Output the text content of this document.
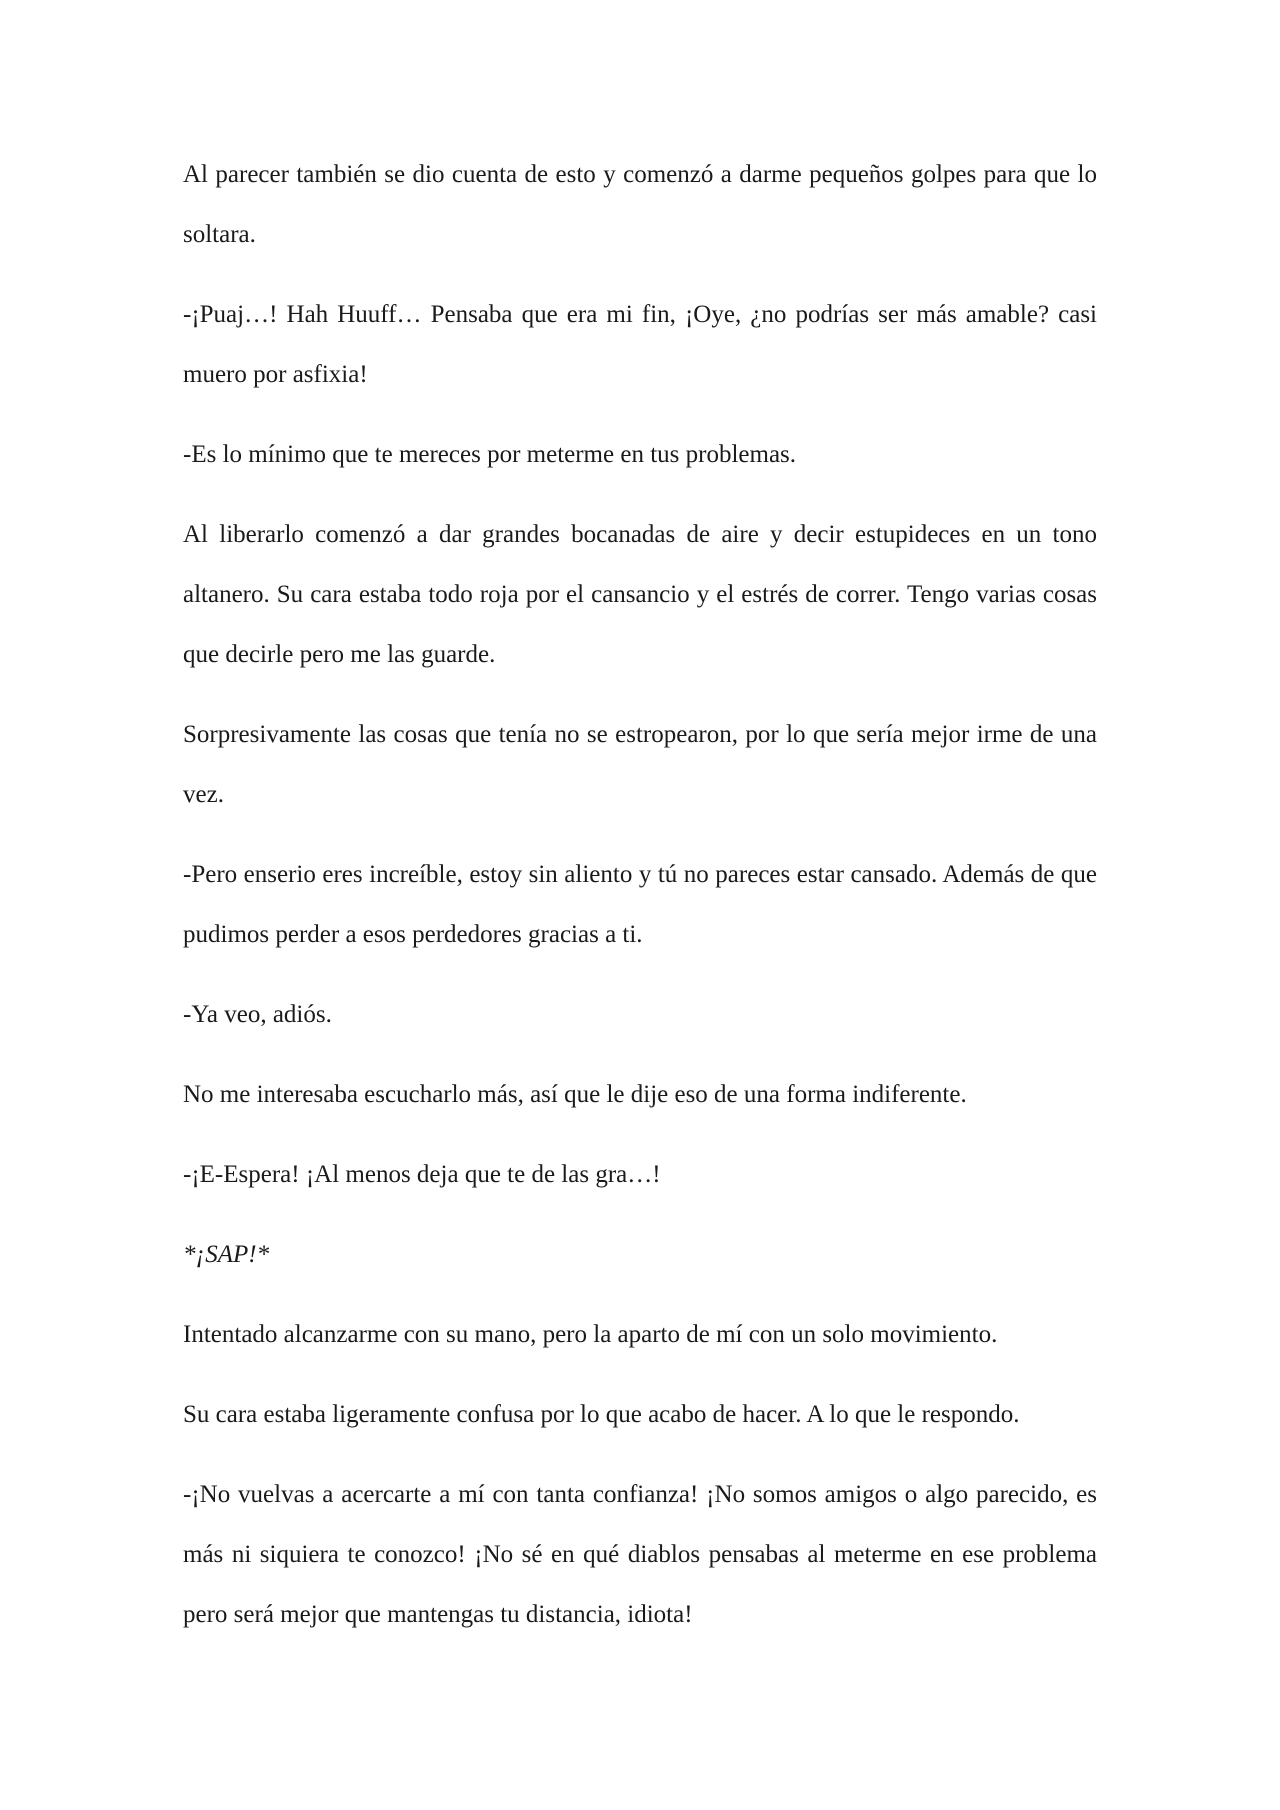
Al parecer también se dio cuenta de esto y comenzó a darme pequeños golpes para que lo soltara.

-¡Puaj…! Hah Huuff… Pensaba que era mi fin, ¡Oye, ¿no podrías ser más amable? casi muero por asfixia!

-Es lo mínimo que te mereces por meterme en tus problemas.

Al liberarlo comenzó a dar grandes bocanadas de aire y decir estupideces en un tono altanero. Su cara estaba todo roja por el cansancio y el estrés de correr. Tengo varias cosas que decirle pero me las guarde.

Sorpresivamente las cosas que tenía no se estropearon, por lo que sería mejor irme de una vez.

-Pero enserio eres increíble, estoy sin aliento y tú no pareces estar cansado. Además de que pudimos perder a esos perdedores gracias a ti.

-Ya veo, adiós.

No me interesaba escucharlo más, así que le dije eso de una forma indiferente.

-¡E-Espera! ¡Al menos deja que te de las gra…!

*¡SAP!*

Intentado alcanzarme con su mano, pero la aparto de mí con un solo movimiento.

Su cara estaba ligeramente confusa por lo que acabo de hacer. A lo que le respondo.

-¡No vuelvas a acercarte a mí con tanta confianza! ¡No somos amigos o algo parecido, es más ni siquiera te conozco! ¡No sé en qué diablos pensabas al meterme en ese problema pero será mejor que mantengas tu distancia, idiota!
